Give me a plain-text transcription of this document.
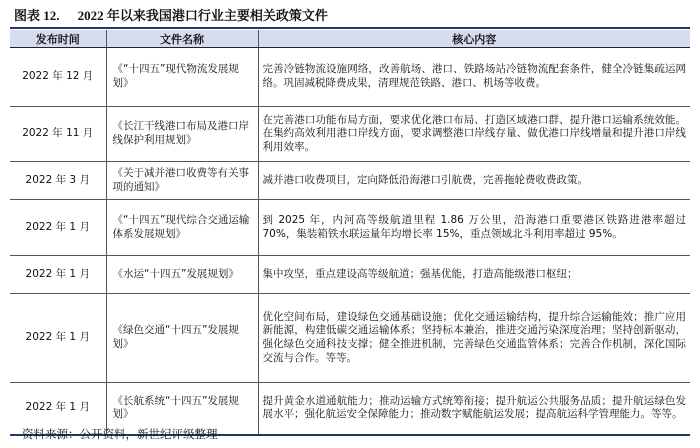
图表 12. 2022 年以来我国港口行业主要相关政策文件
发布时间	文件名称	核心内容
2022 年 12 月	《“十四五”现代物流发展规划》	完善冷链物流设施网络，改善航场、港口、铁路场站冷链物流配套条件，健全冷链集疏运网络。巩固减税降费成果，清理规范铁路、港口、机场等收费。
2022 年 11 月	《长江干线港口布局及港口岸线保护利用规划》	在完善港口功能布局方面，要求优化港口布局、打造区域港口群、提升港口运输系统效能。在集约高效利用港口岸线方面，要求调整港口岸线存量、做优港口岸线增量和提升港口岸线利用效率。
2022 年 3 月	《关于减并港口收费等有关事项的通知》	减并港口收费项目，定向降低沿海港口引航费，完善拖轮费收费政策。
2022 年 1 月	《“十四五”现代综合交通运输体系发展规划》	到 2025 年，内河高等级航道里程 1.86 万公里，沿海港口重要港区铁路进港率超过 70%，集装箱铁水联运量年均增长率 15%，重点领域北斗利用率超过 95%。
2022 年 1 月	《水运“十四五”发展规划》	集中攻坚，重点建设高等级航道；强基优能，打造高能级港口枢纽；
2022 年 1 月	《绿色交通“十四五”发展规划》	优化空间布局，建设绿色交通基础设施；优化交通运输结构，提升综合运输能效；推广应用新能源，构建低碳交通运输体系；坚持标本兼治，推进交通污染深度治理；坚持创新驱动，强化绿色交通科技支撑；健全推进机制，完善绿色交通监管体系；完善合作机制，深化国际交流与合作。等等。
2022 年 1 月	《长航系统“十四五”发展规划》	提升黄金水道通航能力；推动运输方式统筹衔接；提升航运公共服务品质；提升航运绿色发展水平；强化航运安全保障能力；推动数字赋能航运发展；提高航运科学管理能力。等等。
资料来源：公开资料，新世纪评级整理
